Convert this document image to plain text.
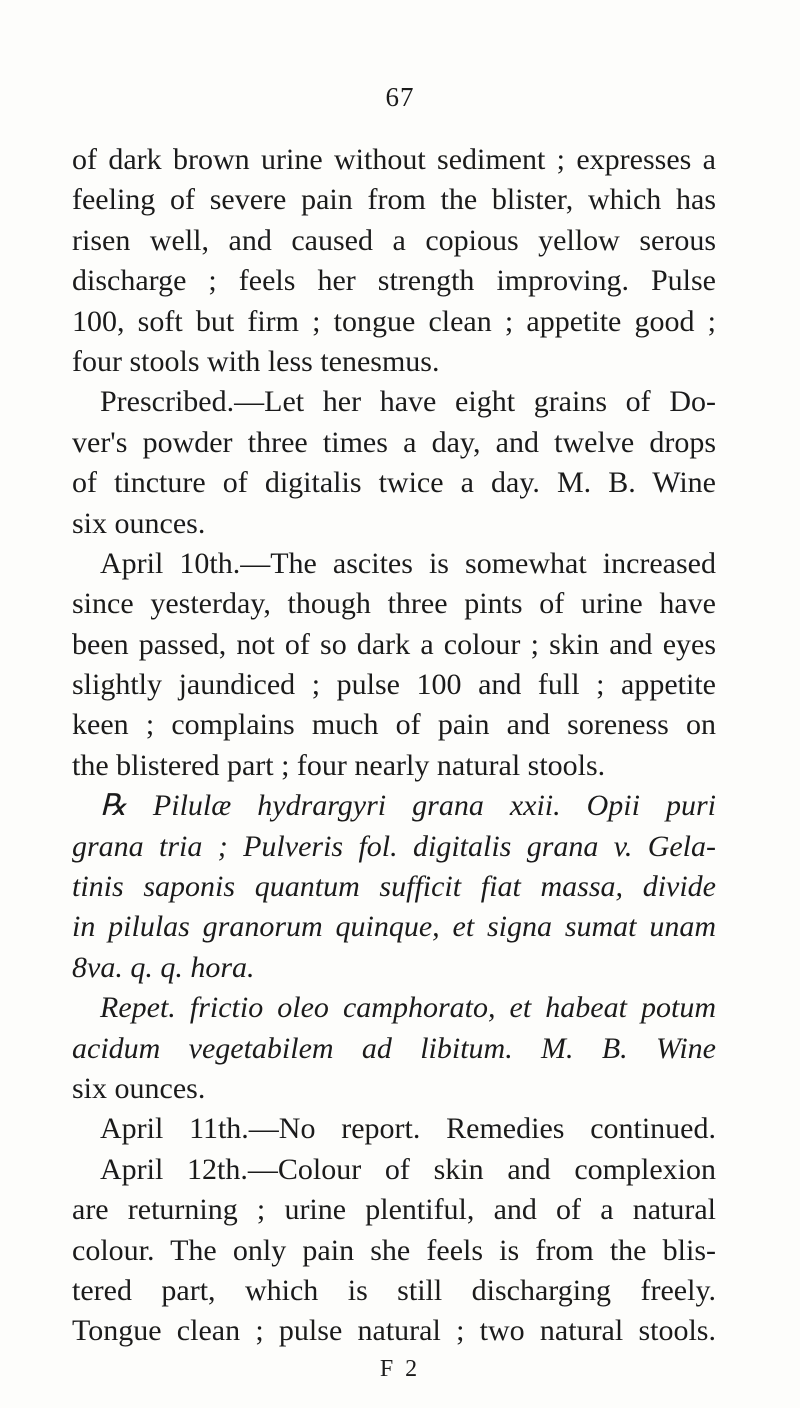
67
of dark brown urine without sediment ; expresses a
feeling of severe pain from the blister, which has
risen well, and caused a copious yellow serous
discharge ; feels her strength improving. Pulse
100, soft but firm ; tongue clean ; appetite good ;
four stools with less tenesmus.
Prescribed.—Let her have eight grains of Do-
ver's powder three times a day, and twelve drops
of tincture of digitalis twice a day. M. B. Wine
six ounces.
April 10th.—The ascites is somewhat increased
since yesterday, though three pints of urine have
been passed, not of so dark a colour ; skin and eyes
slightly jaundiced ; pulse 100 and full ; appetite
keen ; complains much of pain and soreness on
the blistered part ; four nearly natural stools.
℞ Pilulæ hydrargyri grana xxii. Opii puri
grana tria ; Pulveris fol. digitalis grana v. Gela-
tinis saponis quantum sufficit fiat massa, divide
in pilulas granorum quinque, et signa sumat unam
8va. q. q. hora.
Repet. frictio oleo camphorato, et habeat potum
acidum vegetabilem ad libitum. M. B. Wine
six ounces.
April 11th.—No report. Remedies continued.
April 12th.—Colour of skin and complexion
are returning ; urine plentiful, and of a natural
colour. The only pain she feels is from the blis-
tered part, which is still discharging freely.
Tongue clean ; pulse natural ; two natural stools.
F 2
